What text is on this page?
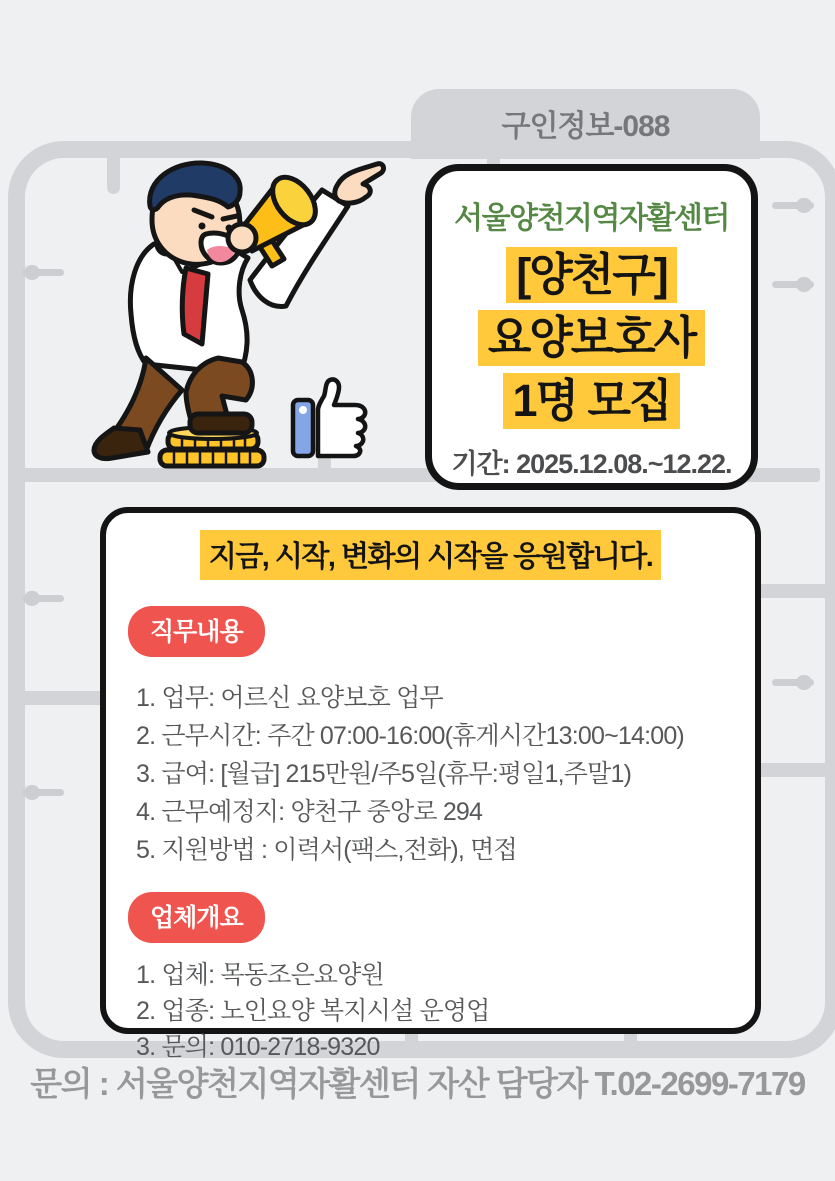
구인정보-088
서울양천지역자활센터
[양천구]
요양보호사
1명 모집
기간: 2025.12.08.~12.22.
지금, 시작, 변화의 시작을 응원합니다.
직무내용
1. 업무: 어르신 요양보호 업무
2. 근무시간: 주간 07:00-16:00(휴게시간13:00~14:00)
3. 급여: [월급] 215만원/주5일(휴무:평일1,주말1)
4. 근무예정지: 양천구 중앙로 294
5. 지원방법 : 이력서(팩스,전화), 면접
업체개요
1. 업체: 목동조은요양원
2. 업종: 노인요양 복지시설 운영업
3. 문의: 010-2718-9320
문의 : 서울양천지역자활센터 자산 담당자 T.02-2699-7179
